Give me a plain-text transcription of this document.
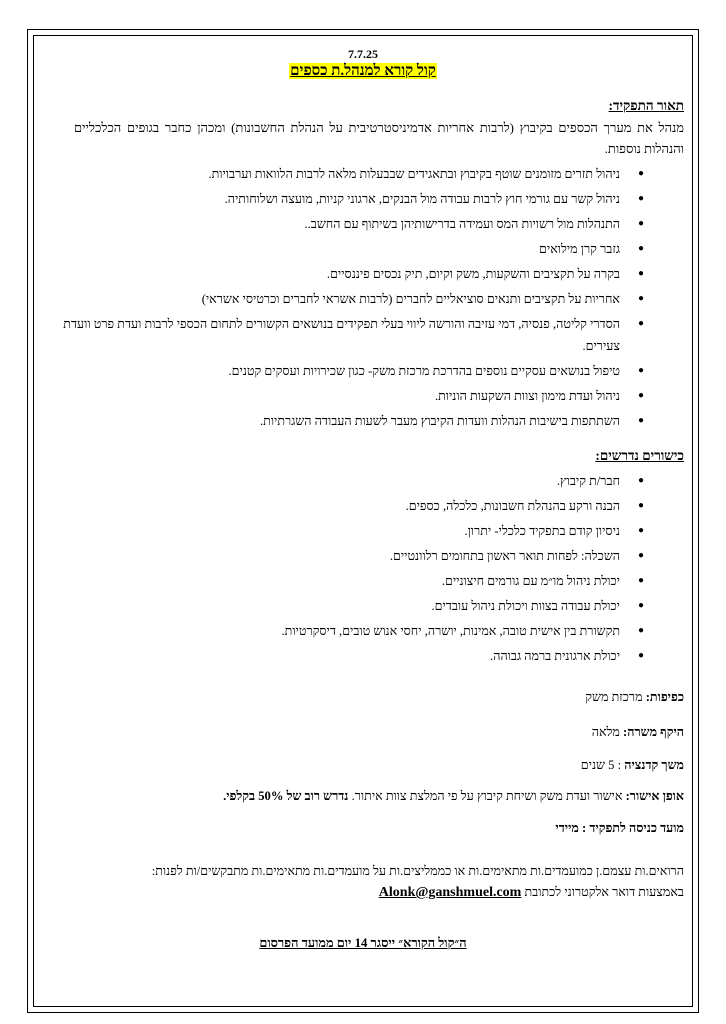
7.7.25
קול קורא למנהל.ת כספים
תאור התפקיד:
מנהל את מערך הכספים בקיבוץ (לרבות אחריות אדמיניסטרטיבית על הנהלת החשבונות) ומכהן כחבר בגופים הכלכליים והנהלות נוספות.
● ניהול תזרים מזומנים שוטף בקיבוץ ובתאגידים שבבעלות מלאה לרבות הלוואות וערבויות.
● ניהול קשר עם גורמי חוץ לרבות עבודה מול הבנקים, ארגוני קניות, מועצה ושלוחותיה.
● התנהלות מול רשויות המס ועמידה בדרישותיהן בשיתוף עם החשב..
● גזבר קרן מילואים
● בקרה על תקציבים והשקעות, משק וקיום, תיק נכסים פיננסיים.
● אחריות על תקציבים ותנאים סוציאליים לחברים (לרבות אשראי לחברים וכרטיסי אשראי)
● הסדרי קליטה, פנסיה, דמי עזיבה והורשה ליווי בעלי תפקידים בנושאים הקשורים לתחום הכספי לרבות ועדת פרט וועדת צעירים.
● טיפול בנושאים עסקיים נוספים בהדרכת מרכזת משק- כגון שכירויות ועסקים קטנים.
● ניהול ועדת מימון וצוות השקעות הוניות.
● השתתפות בישיבות הנהלות וועדות הקיבוץ מעבר לשעות העבודה השגרתיות.
כישורים נדרשים:
● חבר/ת קיבוץ.
● הבנה ורקע בהנהלת חשבונות, כלכלה, כספים.
● ניסיון קודם בתפקיד כלכלי- יתרון.
● השכלה: לפחות תואר ראשון בתחומים רלוונטיים.
● יכולת ניהול מו״מ עם גורמים חיצוניים.
● יכולת עבודה בצוות ויכולת ניהול עובדים.
● תקשורת בין אישית טובה, אמינות, יושרה, יחסי אנוש טובים, דיסקרטיות.
● יכולת ארגונית ברמה גבוהה.
כפיפות: מרכזת משק
היקף משרה: מלאה
משך קדנציה : 5 שנים
אופן אישור: אישור ועדת משק ושיחת קיבוץ על פי המלצת צוות איתור. נדרש רוב של 50% בקלפי.
מועד כניסה לתפקיד : מיידי
הרואים.ות עצמם.ן כמועמדים.ות מתאימים.ות או כממליצים.ות על מועמדים.ות מתאימים.ות מתבקשים/ות לפנות:
באמצעות דואר אלקטרוני לכתובת Alonk@ganshmuel.com
ה״קול הקורא״ ייסגר 14 יום ממועד הפרסום
